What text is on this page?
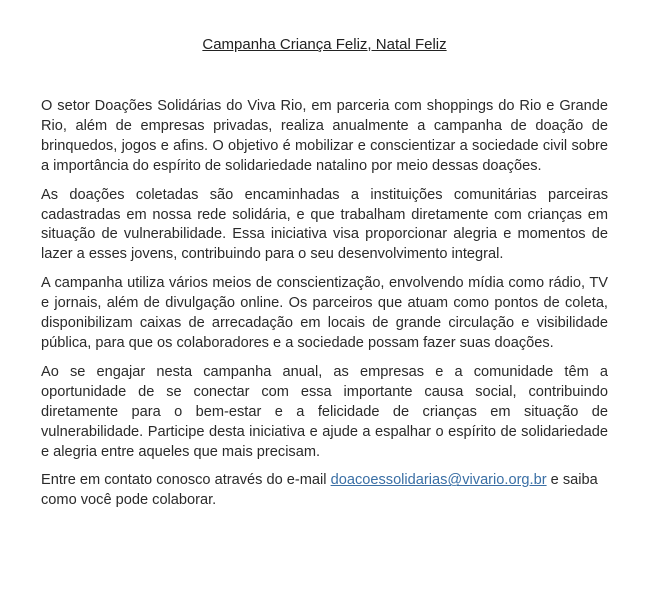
Campanha Criança Feliz, Natal Feliz

O setor Doações Solidárias do Viva Rio, em parceria com shoppings do Rio e Grande Rio, além de empresas privadas, realiza anualmente a campanha de doação de brinquedos, jogos e afins. O objetivo é mobilizar e conscientizar a sociedade civil sobre a importância do espírito de solidariedade natalino por meio dessas doações.

As doações coletadas são encaminhadas a instituições comunitárias parceiras cadastradas em nossa rede solidária, e que trabalham diretamente com crianças em situação de vulnerabilidade. Essa iniciativa visa proporcionar alegria e momentos de lazer a esses jovens, contribuindo para o seu desenvolvimento integral.

A campanha utiliza vários meios de conscientização, envolvendo mídia como rádio, TV e jornais, além de divulgação online. Os parceiros que atuam como pontos de coleta, disponibilizam caixas de arrecadação em locais de grande circulação e visibilidade pública, para que os colaboradores e a sociedade possam fazer suas doações.

Ao se engajar nesta campanha anual, as empresas e a comunidade têm a oportunidade de se conectar com essa importante causa social, contribuindo diretamente para o bem-estar e a felicidade de crianças em situação de vulnerabilidade. Participe desta iniciativa e ajude a espalhar o espírito de solidariedade e alegria entre aqueles que mais precisam.

Entre em contato conosco através do e-mail doacoessolidarias@vivario.org.br e saiba como você pode colaborar.
